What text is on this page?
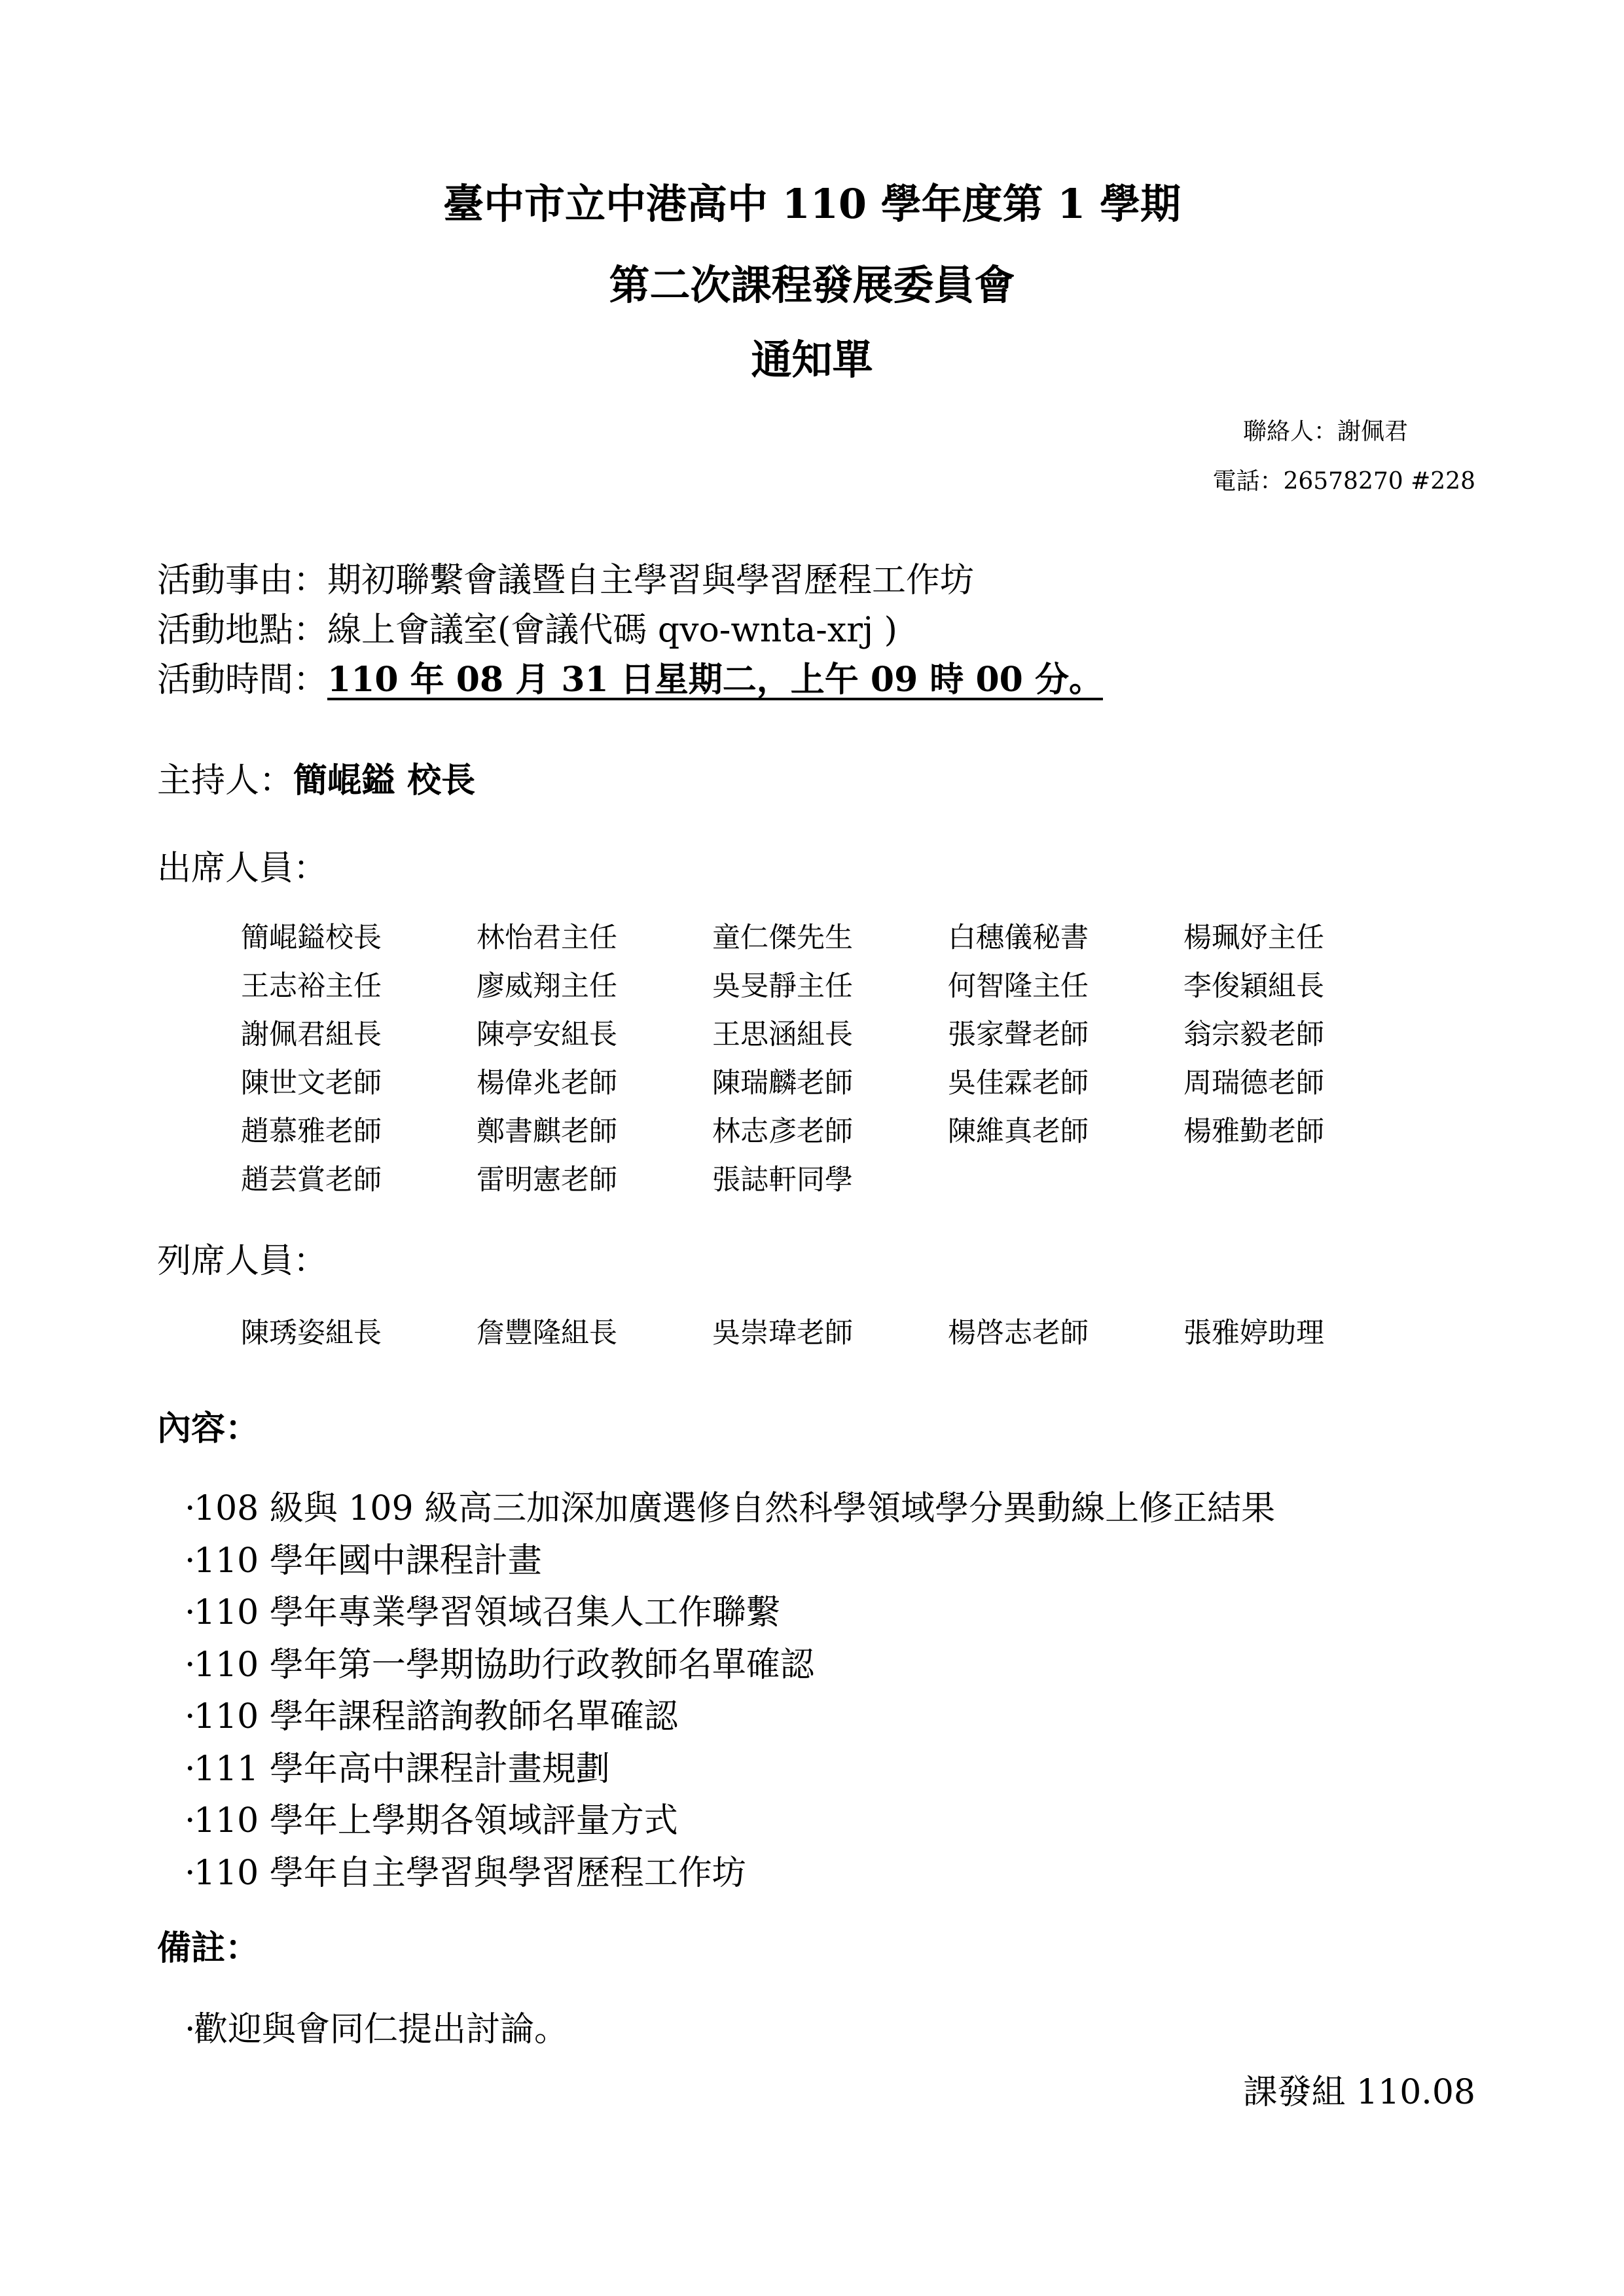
臺中市立中港高中 110 學年度第 1 學期
第二次課程發展委員會
通知單
聯絡人：謝佩君
電話：26578270 #228
活動事由：期初聯繫會議暨自主學習與學習歷程工作坊
活動地點：線上會議室(會議代碼 qvo-wnta-xrj )
活動時間：110 年 08 月 31 日星期二，上午 09 時 00 分。
主持人：簡崐鎰 校長
出席人員：
簡崐鎰校長	林怡君主任	童仁傑先生	白穗儀秘書	楊珮妤主任
王志裕主任	廖威翔主任	吳旻靜主任	何智隆主任	李俊穎組長
謝佩君組長	陳亭安組長	王思涵組長	張家聲老師	翁宗毅老師
陳世文老師	楊偉兆老師	陳瑞麟老師	吳佳霖老師	周瑞德老師
趙慕雅老師	鄭書麒老師	林志彥老師	陳維真老師	楊雅勤老師
趙芸賞老師	雷明憲老師	張誌軒同學
列席人員：
陳琇姿組長	詹豐隆組長	吳崇瑋老師	楊啓志老師	張雅婷助理
內容：
·108 級與 109 級高三加深加廣選修自然科學領域學分異動線上修正結果
·110 學年國中課程計畫
·110 學年專業學習領域召集人工作聯繫
·110 學年第一學期協助行政教師名單確認
·110 學年課程諮詢教師名單確認
·111 學年高中課程計畫規劃
·110 學年上學期各領域評量方式
·110 學年自主學習與學習歷程工作坊
備註：
·歡迎與會同仁提出討論。
課發組 110.08
